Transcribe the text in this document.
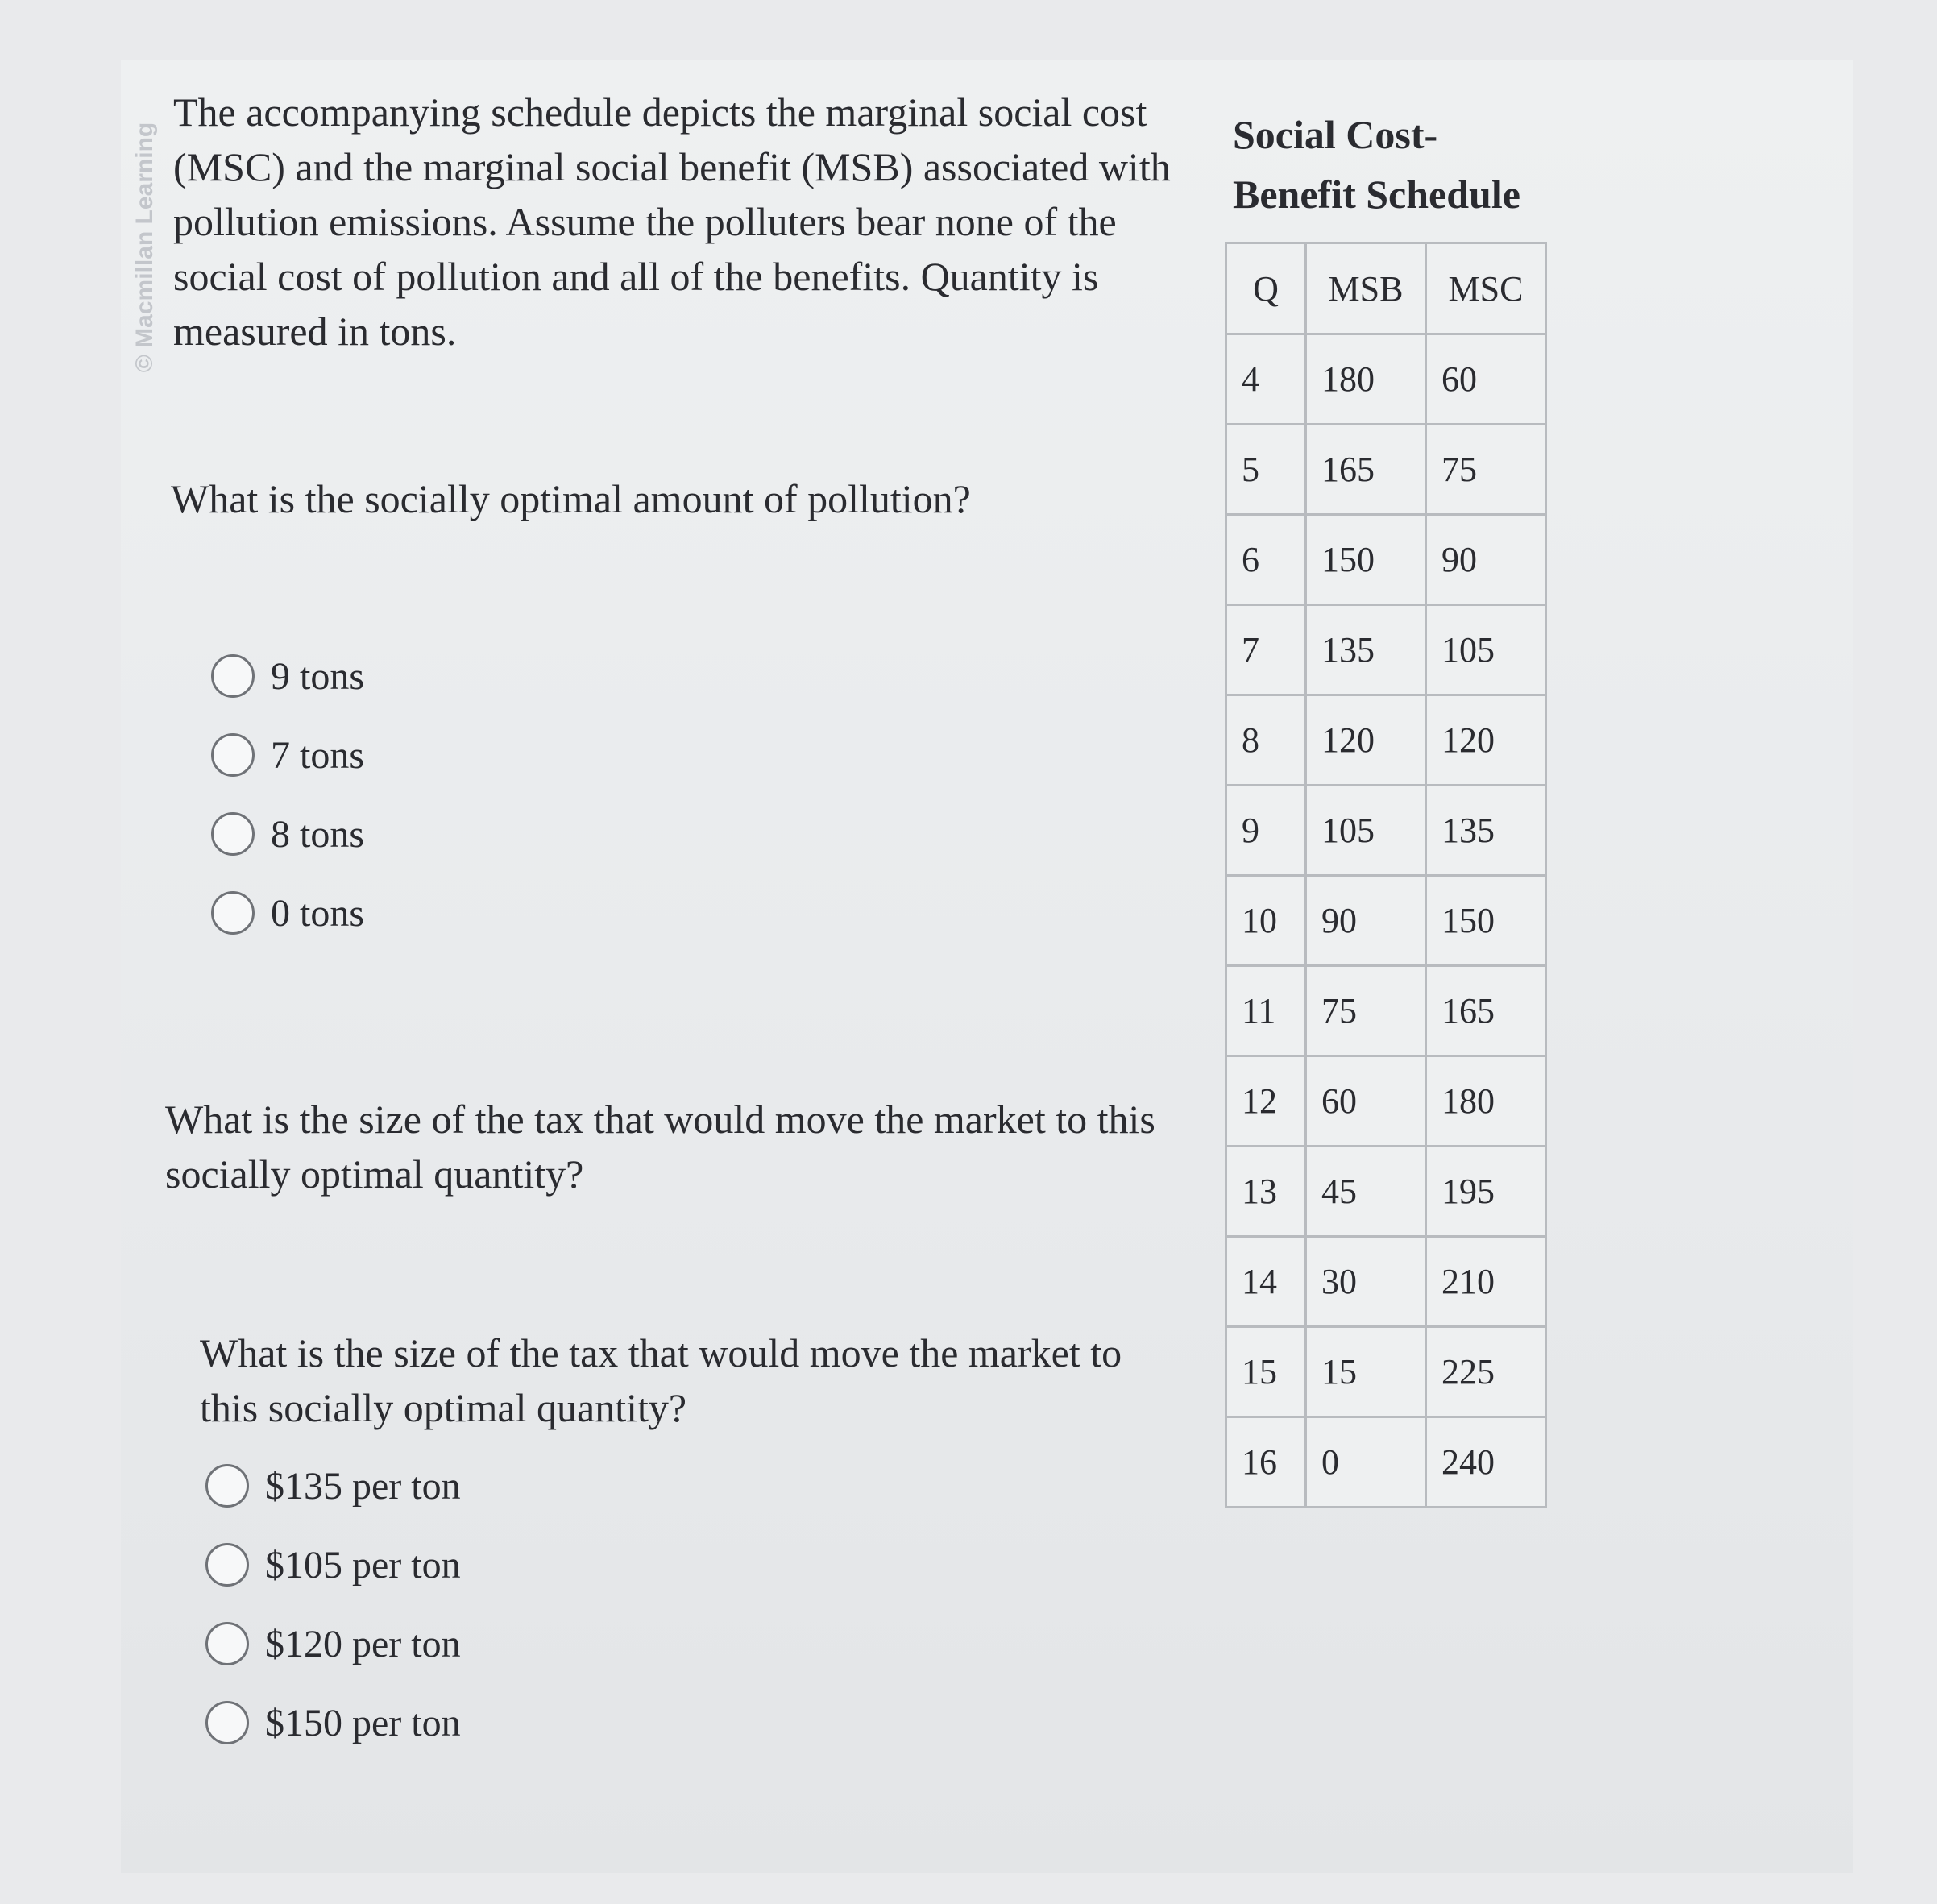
© Macmillan Learning

The accompanying schedule depicts the marginal social cost (MSC) and the marginal social benefit (MSB) associated with pollution emissions. Assume the polluters bear none of the social cost of pollution and all of the benefits. Quantity is measured in tons.

What is the socially optimal amount of pollution?

9 tons
7 tons
8 tons
0 tons

What is the size of the tax that would move the market to this socially optimal quantity?

What is the size of the tax that would move the market to this socially optimal quantity?

$135 per ton
$105 per ton
$120 per ton
$150 per ton
Social Cost-
Benefit Schedule
Q	MSB	MSC
4	180	60
5	165	75
6	150	90
7	135	105
8	120	120
9	105	135
10	90	150
11	75	165
12	60	180
13	45	195
14	30	210
15	15	225
16	0	240
